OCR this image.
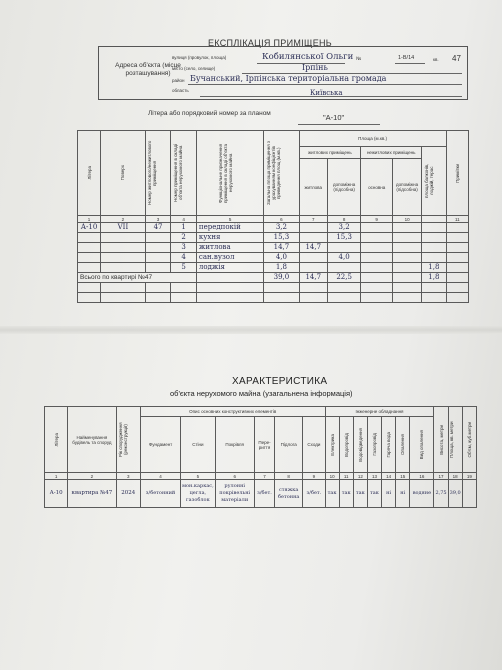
ЕКСПЛІКАЦІЯ ПРИМІЩЕНЬ
Адреса об'єкта (місце розташування)
вулиця (провулок, площа)	Кобилянської Ольги №	1-В/14	кв. 47
місто (село, селище)	Ірпінь
район Бучанський, Ірпінська територіальна громада
область	Київська
Літера або порядковий номер за планом	"А-10"
Літера	Поверх	Номер житлового/нежитлового приміщення	Номер приміщення в складі об'єкта нерухомого майна	Функціональне призначення приміщення в складі об'єкта нерухомого майна	Загальна площа приміщення з урахуванням коефіцієнтів приведення площ (м.кв.)	Площа (м.кв.)					Примітки

						житлових приміщень		нежитлових приміщень		площа балконів, лоджій, терас	

						житлова	допоміжна (підсобна)	основна	допоміжна (підсобна)		
1	2	3	4	5	6	7	8	9	10		11
А-10	VII	47	1	передпокій	3,2		3,2				
			2	кухня	15,3		15,3				
			3	житлова	14,7	14,7					
			4	сан.вузол	4,0		4,0				
			5	лоджія	1,8					1,8	
Всього по квартирі №47					39,0	14,7	22,5			1,8	

ХАРАКТЕРИСТИКА
об'єкта нерухомого майна (узагальнена інформація)
Літера	Найменування будівель та споруд	Рік спорудження (реконструкції)	Опис основних конструктивних елементів						Інженерне обладнання							Висота, метри	Площа, кв. метри	Об'єм, куб.метри

			Фундамент	Стіни	Покрівля	Пере-риття	Підлога	Сходи	Електрика	Водопровід	Водовідведення	Газопровід	Гаряча вода	Опалення	Вид опалення			

1	2	3	4	5	6	7	8	9	10	11	12	13	14	15	16	17	18	19
А-10	квартира №47	2024	з/бетонний	мон.каркас, цегла, газоблок	рулонні покрівельні матеріали	з/бет.	стяжка бетонна	з/бет.	так	так	так	так	ні	ні	водяне	2,75	39,0	
